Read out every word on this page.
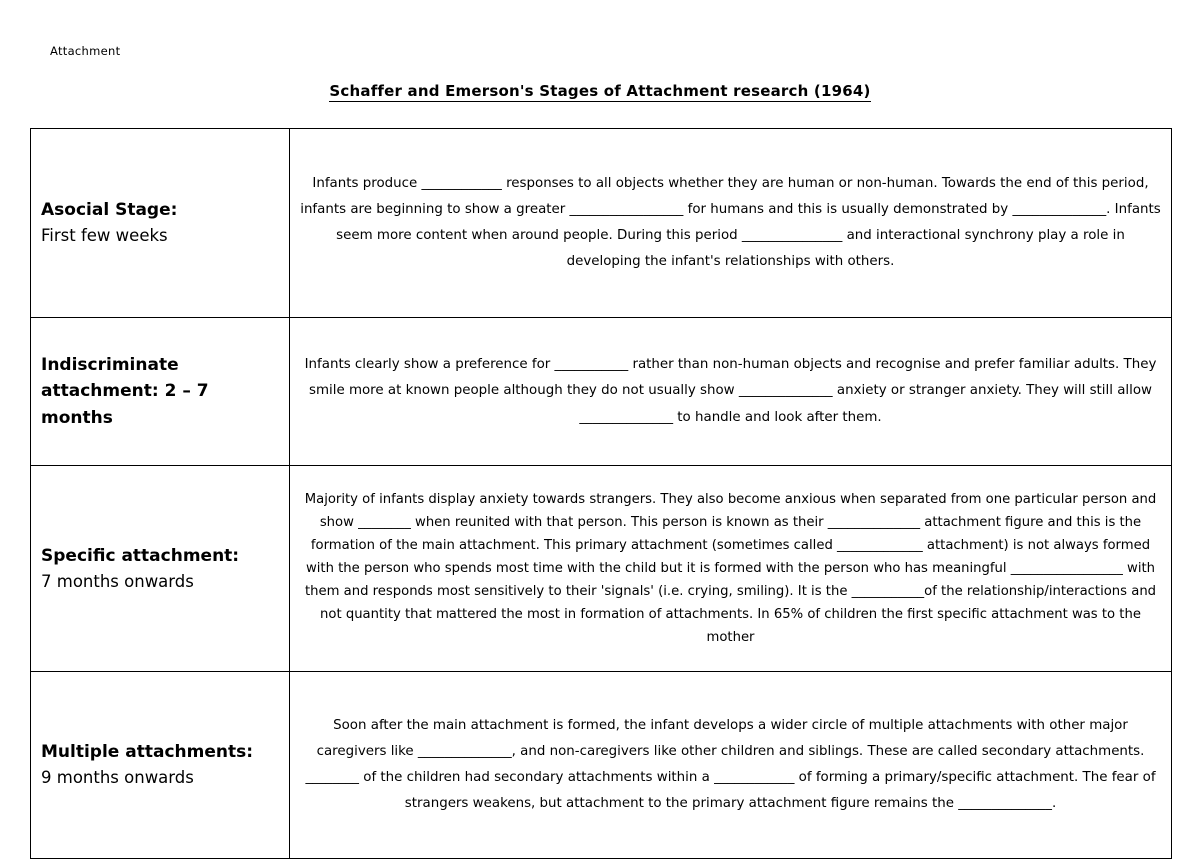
Attachment
Schaffer and Emerson's Stages of Attachment research (1964)
Asocial Stage:
First few weeks	Infants produce ____________ responses to all objects whether they are human or non-human. Towards the end of this period, infants are beginning to show a greater _________________ for humans and this is usually demonstrated by ______________. Infants seem more content when around people. During this period _______________ and interactional synchrony play a role in developing the infant's relationships with others.

Indiscriminate
attachment: 2 – 7 months	Infants clearly show a preference for ___________ rather than non-human objects and recognise and prefer familiar adults. They smile more at known people although they do not usually show ______________ anxiety or stranger anxiety. They will still allow ______________ to handle and look after them.

Specific attachment:
7 months onwards	Majority of infants display anxiety towards strangers. They also become anxious when separated from one particular person and show ________ when reunited with that person. This person is known as their ______________ attachment figure and this is the formation of the main attachment. This primary attachment (sometimes called _____________ attachment) is not always formed with the person who spends most time with the child but it is formed with the person who has meaningful _________________ with them and responds most sensitively to their 'signals' (i.e. crying, smiling). It is the ___________of the relationship/interactions and not quantity that mattered the most in formation of attachments. In 65% of children the first specific attachment was to the mother

Multiple attachments:
9 months onwards	Soon after the main attachment is formed, the infant develops a wider circle of multiple attachments with other major caregivers like ______________, and non-caregivers like other children and siblings. These are called secondary attachments. ________ of the children had secondary attachments within a ____________ of forming a primary/specific attachment. The fear of strangers weakens, but attachment to the primary attachment figure remains the ______________.
